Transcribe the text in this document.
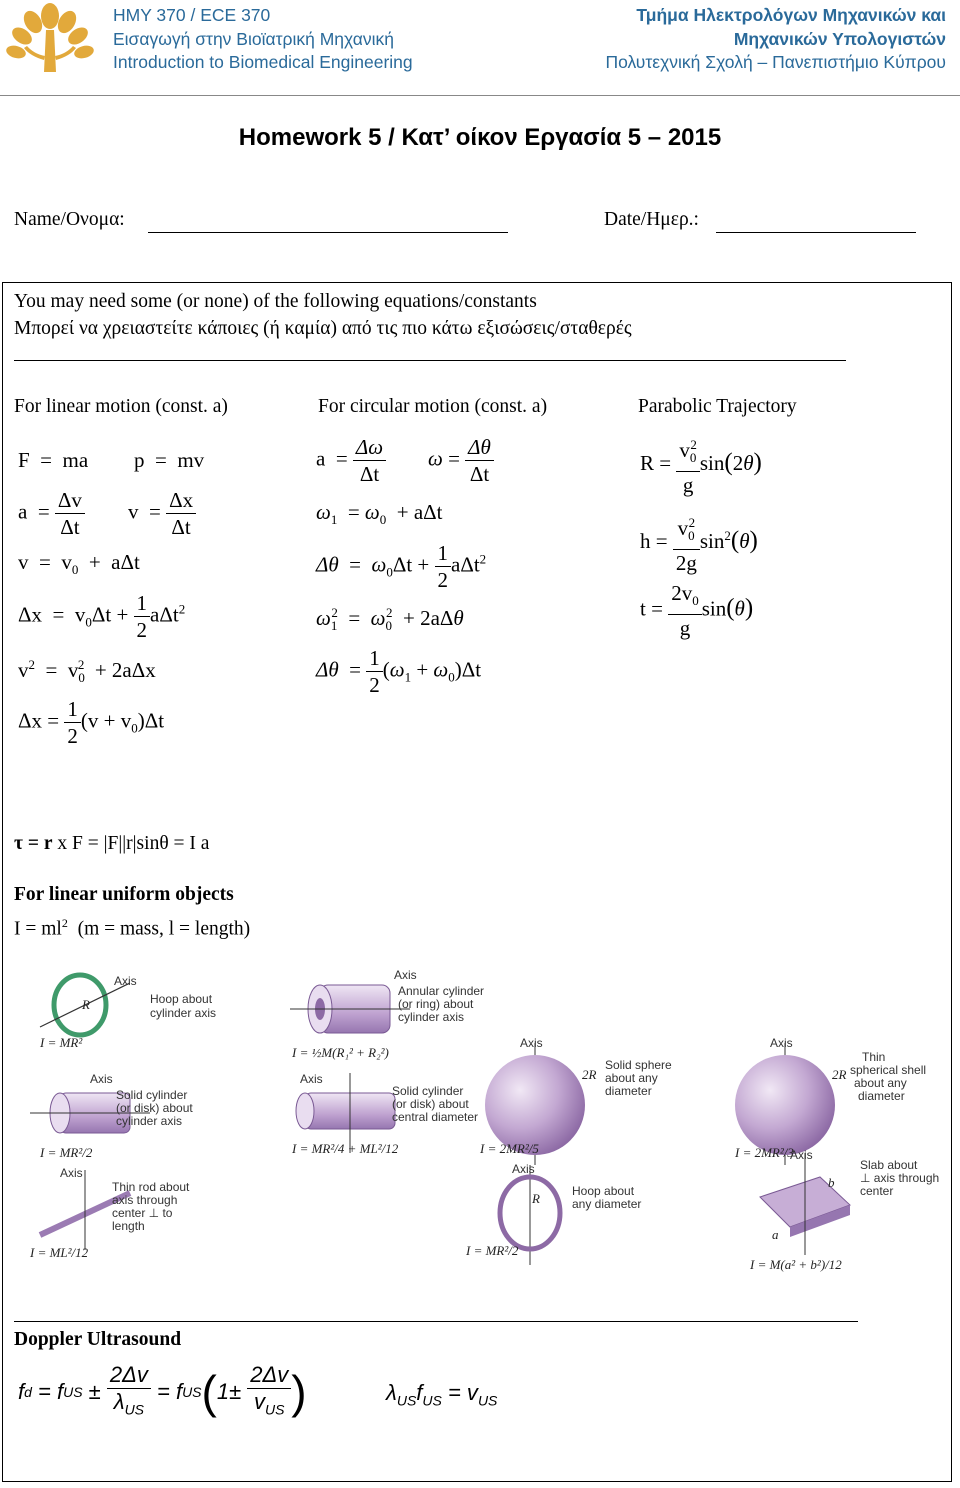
HMY 370 / ECE 370
Εισαγωγή στην Βιοϊατρική Μηχανική
Introduction to Biomedical Engineering
Τμήμα Ηλεκτρολόγων Μηχανικών και
Μηχανικών Υπολογιστών
Πολυτεχνική Σχολή – Πανεπιστήμιο Κύπρου
Homework 5 / Κατ’ οίκον Εργασία 5 – 2015
Name/Ονομα:	Date/Ημερ.:
You may need some (or none) of the following equations/constants
Μπορεί να χρειαστείτε κάποιες (ή καμία) από τις πιο κάτω εξισώσεις/σταθερές
For linear motion (const. a)	For circular motion (const. a)	Parabolic Trajectory
F  =  ma p  =  mv
$a = \frac{\Delta v}{\Delta t}$ $v = \frac{\Delta x}{\Delta t}$
$v = v_0 + a\Delta t$
$\Delta x = v_0\Delta t + \frac{1}{2} a\Delta t^2$
$v^2 = v_0^2 + 2a\Delta x$
$\Delta x = \frac{1}{2} (v + v_0)\Delta t$
$a = \frac{\Delta\omega}{\Delta t}$ $\omega = \frac{\Delta\theta}{\Delta t}$
$\omega_1 = \omega_0 + a\Delta t$
$\Delta\theta = \omega_0\Delta t + \frac{1}{2} a\Delta t^2$
$\omega_1^2 = \omega_0^2 + 2a\Delta\theta$
$\Delta\theta = \frac{1}{2} (\omega_1 + \omega_0)\Delta t$
$R = \frac{v_0^2}{g} \sin(2\theta)$
$h = \frac{v_0^2}{2g} \sin^2(\theta)$
$t = \frac{2v_0}{g} \sin(\theta)$
τ = r x F = |F||r|sinθ = I a
For linear uniform objects
$I = ml^2$ (m = mass, l = length)
Axis
R	Hoop about cylinder axis
I = MR²
Axis
Annular cylinder (or ring) about cylinder axis
I = ½M(R₁² + R₂²)
Axis
2R
Solid sphere about any diameter
I = 2MR²/5
Axis
2R
Thin spherical shell about any diameter
I = 2MR²/3
Axis
Solid cylinder (or disk) about cylinder axis
I = MR²/2
Axis
Solid cylinder (or disk) about central diameter
I = MR²/4 + ML²/12
Axis
Thin rod about axis through center ⊥ to length
I = ML²/12
Axis
R	Hoop about any diameter
I = MR²/2
Axis
a
b
Slab about ⊥ axis through center
I = M(a² + b²)/12
Doppler Ultrasound
f d = f US ± $\frac{2\Delta v}{\lambda_{US}} = f$ US ( $1\pm \frac{2\Delta v}{v_{US}}$ )	$\lambda_{US}f_{US} = v_{US}$
